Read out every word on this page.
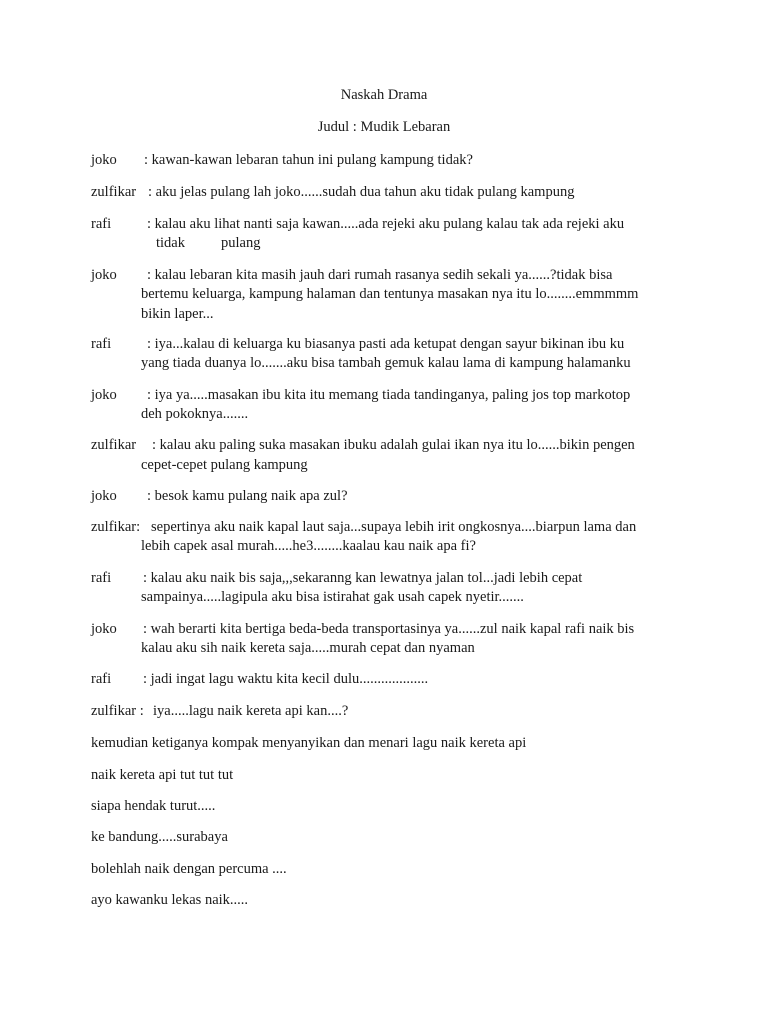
Naskah Drama
Judul : Mudik Lebaran
joko : kawan-kawan lebaran tahun ini pulang kampung tidak?
zulfikar : aku jelas pulang lah joko......sudah dua tahun aku tidak pulang kampung
rafi : kalau aku lihat nanti saja kawan.....ada rejeki aku pulang kalau tak ada rejeki aku
tidak pulang
joko : kalau lebaran kita masih jauh dari rumah rasanya sedih sekali ya......?tidak bisa
bertemu keluarga, kampung halaman dan tentunya masakan nya itu lo........emmmmm
bikin laper...
rafi : iya...kalau di keluarga ku biasanya pasti ada ketupat dengan sayur bikinan ibu ku
yang tiada duanya lo.......aku bisa tambah gemuk kalau lama di kampung halamanku
joko : iya ya.....masakan ibu kita itu memang tiada tandinganya, paling jos top markotop
deh pokoknya.......
zulfikar : kalau aku paling suka masakan ibuku adalah gulai ikan nya itu lo......bikin pengen
cepet-cepet pulang kampung
joko : besok kamu pulang naik apa zul?
zulfikar: sepertinya aku naik kapal laut saja...supaya lebih irit ongkosnya....biarpun lama dan
lebih capek asal murah.....he3........kaalau kau naik apa fi?
rafi : kalau aku naik bis saja,,,sekaranng kan lewatnya jalan tol...jadi lebih cepat
sampainya.....lagipula aku bisa istirahat gak usah capek nyetir.......
joko : wah berarti kita bertiga beda-beda transportasinya ya......zul naik kapal rafi naik bis
kalau aku sih naik kereta saja.....murah cepat dan nyaman
rafi : jadi ingat lagu waktu kita kecil dulu...................
zulfikar : iya.....lagu naik kereta api kan....?
kemudian ketiganya kompak menyanyikan dan menari lagu naik kereta api
naik kereta api tut tut tut
siapa hendak turut.....
ke bandung.....surabaya
bolehlah naik dengan percuma ....
ayo kawanku lekas naik.....
